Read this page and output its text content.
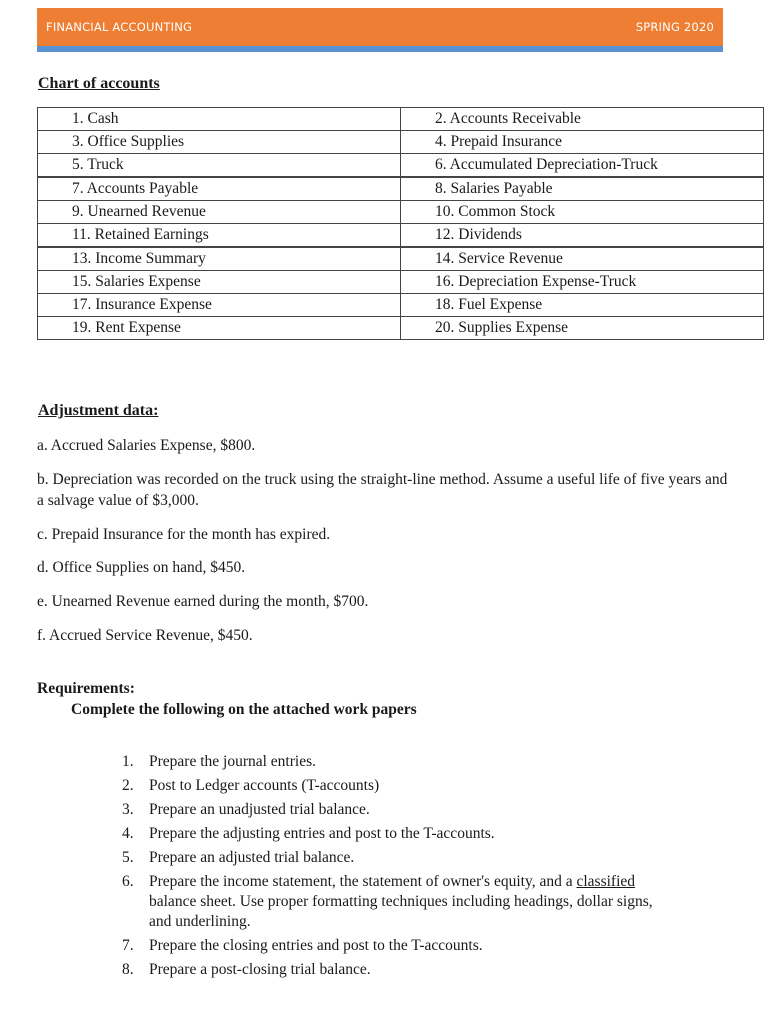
FINANCIAL ACCOUNTING	SPRING 2020
Chart of accounts
1. Cash	2. Accounts Receivable
3. Office Supplies	4. Prepaid Insurance
5. Truck	6. Accumulated Depreciation-Truck
7. Accounts Payable	8. Salaries Payable
9. Unearned Revenue	10. Common Stock
11. Retained Earnings	12. Dividends
13. Income Summary	14. Service Revenue
15. Salaries Expense	16. Depreciation Expense-Truck
17. Insurance Expense	18. Fuel Expense
19. Rent Expense	20. Supplies Expense
Adjustment data:

a. Accrued Salaries Expense, $800.

b. Depreciation was recorded on the truck using the straight-line method. Assume a useful life of five years and a salvage value of $3,000.

c. Prepaid Insurance for the month has expired.

d. Office Supplies on hand, $450.

e. Unearned Revenue earned during the month, $700.

f. Accrued Service Revenue, $450.

Requirements:

Complete the following on the attached work papers

1. Prepare the journal entries.
2. Post to Ledger accounts (T-accounts)
3. Prepare an unadjusted trial balance.
4. Prepare the adjusting entries and post to the T-accounts.
5. Prepare an adjusted trial balance.
6. Prepare the income statement, the statement of owner's equity, and a classified balance sheet. Use proper formatting techniques including headings, dollar signs, and underlining.
7. Prepare the closing entries and post to the T-accounts.
8. Prepare a post-closing trial balance.
